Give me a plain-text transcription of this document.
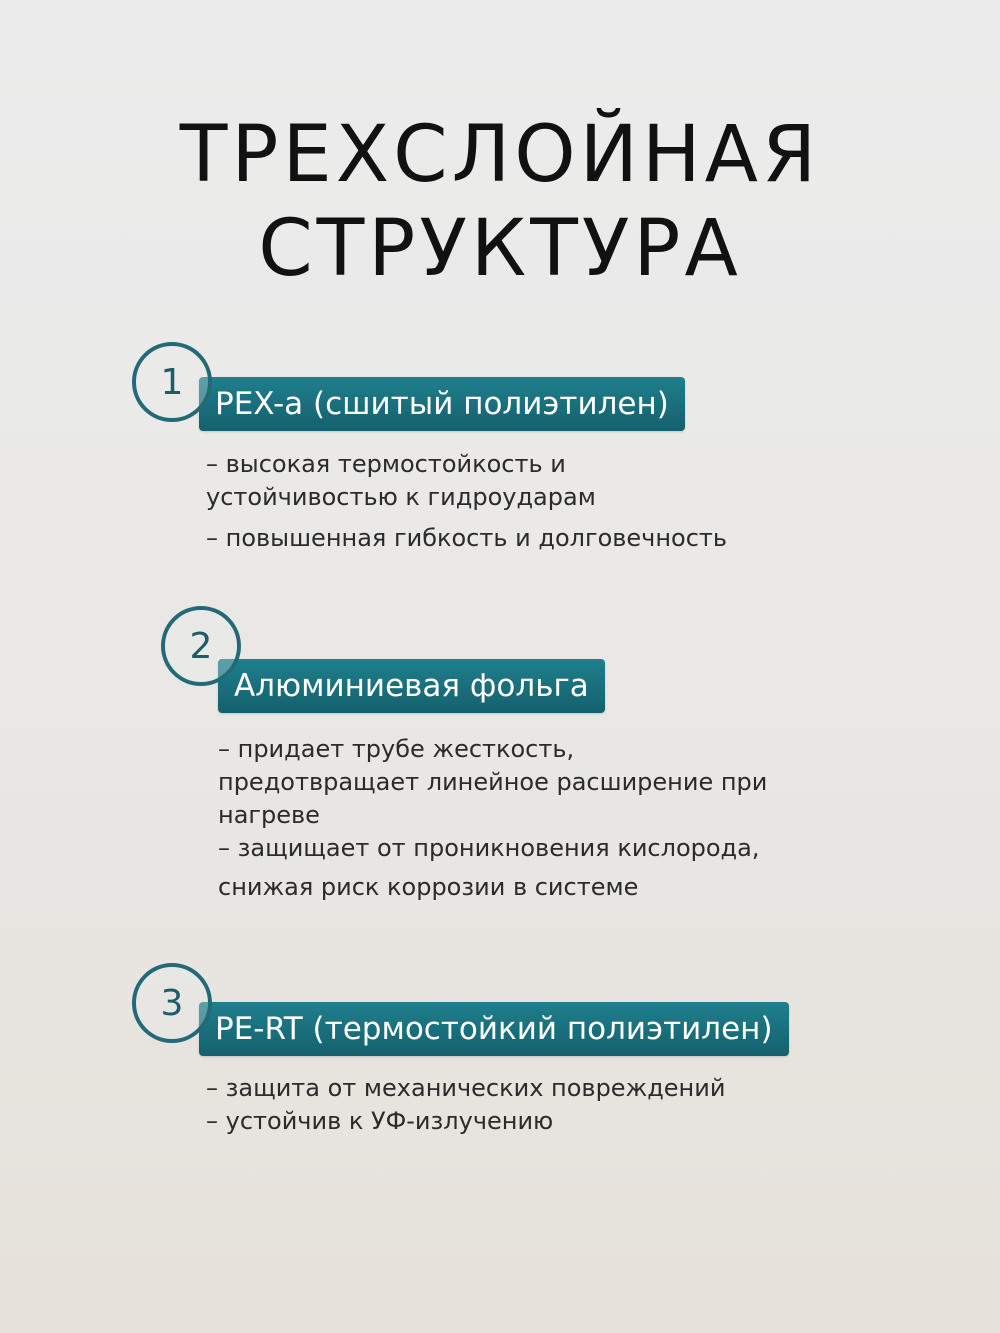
ТРЕХСЛОЙНАЯ
СТРУКТУРА
PEX-a (сшитый полиэтилен)
1
– высокая термостойкость и
устойчивостью к гидроударам
– повышенная гибкость и долговечность
Алюминиевая фольга
2
– придает трубе жесткость,
предотвращает линейное расширение при
нагреве
– защищает от проникновения кислорода,
снижая риск коррозии в системе
PE-RT (термостойкий полиэтилен)
3
– защита от механических повреждений
– устойчив к УФ-излучению
